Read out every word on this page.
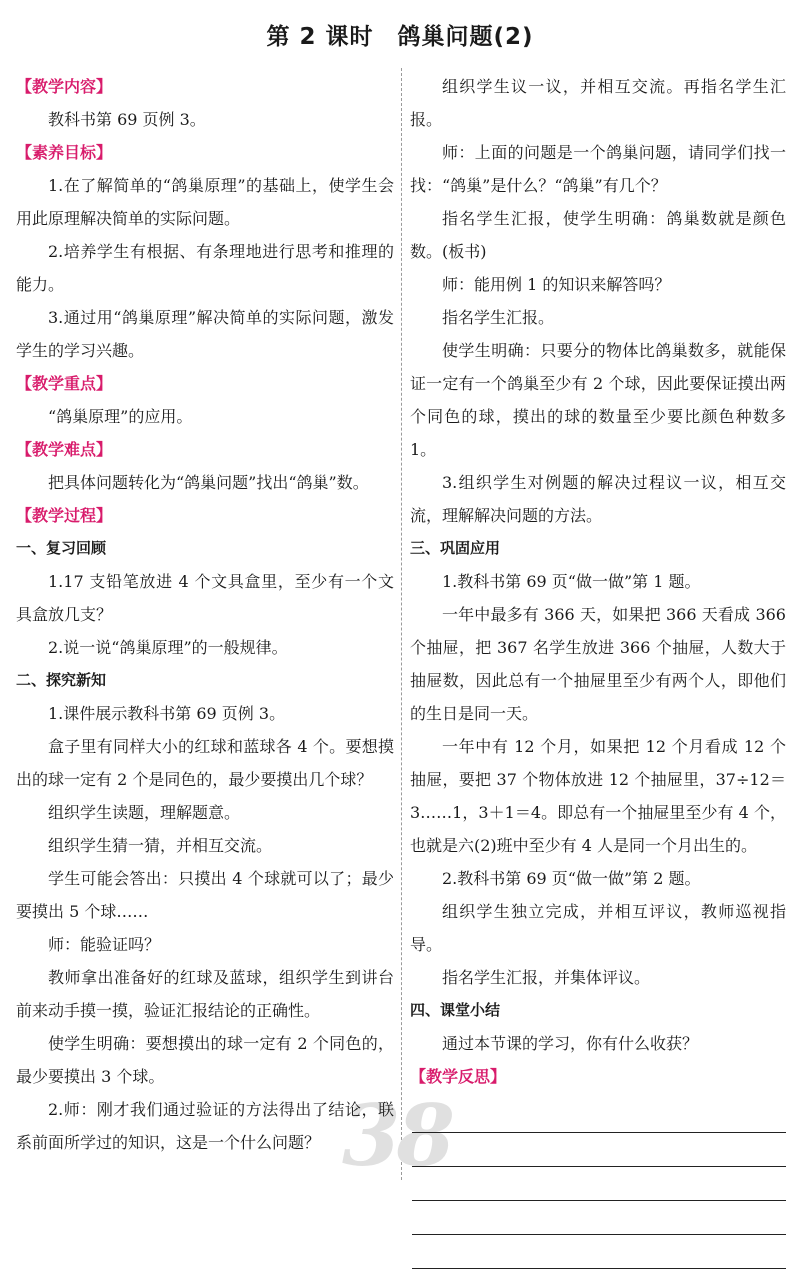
第 2 课时　鸽巢问题(2)
38
【教学内容】

教科书第 69 页例 3。

【素养目标】

1.在了解简单的“鸽巢原理”的基础上，使学生会用此原理解决简单的实际问题。

2.培养学生有根据、有条理地进行思考和推理的能力。

3.通过用“鸽巢原理”解决简单的实际问题，激发学生的学习兴趣。

【教学重点】

“鸽巢原理”的应用。

【教学难点】

把具体问题转化为“鸽巢问题”找出“鸽巢”数。

【教学过程】
一、复习回顾

1.17 支铅笔放进 4 个文具盒里，至少有一个文具盒放几支？

2.说一说“鸽巢原理”的一般规律。

二、探究新知

1.课件展示教科书第 69 页例 3。

盒子里有同样大小的红球和蓝球各 4 个。要想摸出的球一定有 2 个是同色的，最少要摸出几个球？

组织学生读题，理解题意。

组织学生猜一猜，并相互交流。

学生可能会答出：只摸出 4 个球就可以了；最少要摸出 5 个球……

师：能验证吗？

教师拿出准备好的红球及蓝球，组织学生到讲台前来动手摸一摸，验证汇报结论的正确性。

使学生明确：要想摸出的球一定有 2 个同色的，最少要摸出 3 个球。

2.师：刚才我们通过验证的方法得出了结论，联系前面所学过的知识，这是一个什么问题？

组织学生议一议，并相互交流。再指名学生汇报。

师：上面的问题是一个鸽巢问题，请同学们找一找：“鸽巢”是什么？“鸽巢”有几个？

指名学生汇报，使学生明确：鸽巢数就是颜色数。(板书)

师：能用例 1 的知识来解答吗？

指名学生汇报。

使学生明确：只要分的物体比鸽巢数多，就能保证一定有一个鸽巢至少有 2 个球，因此要保证摸出两个同色的球，摸出的球的数量至少要比颜色种数多 1。

3.组织学生对例题的解决过程议一议，相互交流，理解解决问题的方法。

三、巩固应用

1.教科书第 69 页“做一做”第 1 题。

一年中最多有 366 天，如果把 366 天看成 366 个抽屉，把 367 名学生放进 366 个抽屉，人数大于抽屉数，因此总有一个抽屉里至少有两个人，即他们的生日是同一天。

一年中有 12 个月，如果把 12 个月看成 12 个抽屉，要把 37 个物体放进 12 个抽屉里，37÷12＝3……1，3＋1＝4。即总有一个抽屉里至少有 4 个，也就是六(2)班中至少有 4 人是同一个月出生的。

2.教科书第 69 页“做一做”第 2 题。

组织学生独立完成，并相互评议，教师巡视指导。

指名学生汇报，并集体评议。

四、课堂小结

通过本节课的学习，你有什么收获？

【教学反思】
